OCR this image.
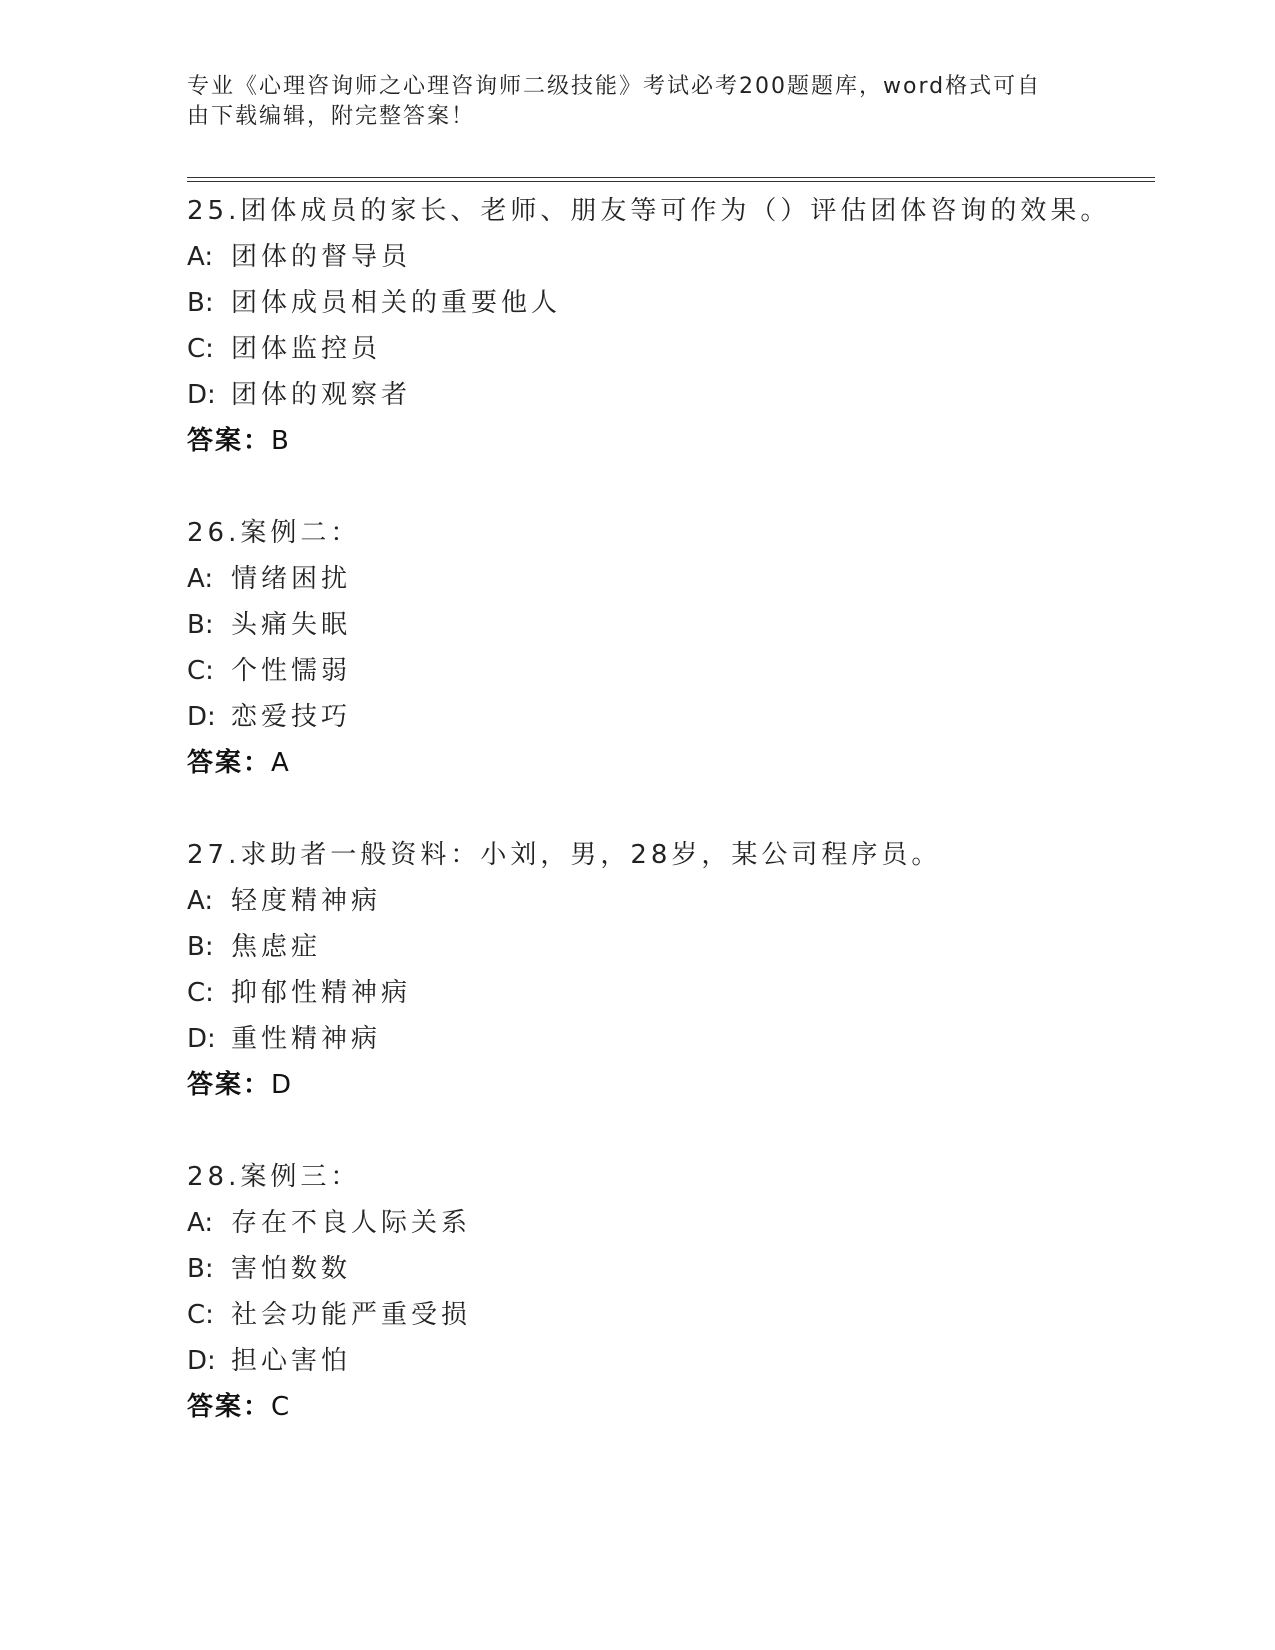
专业《心理咨询师之心理咨询师二级技能》考试必考200题题库，word格式可自
由下载编辑，附完整答案！
25.团体成员的家长、老师、朋友等可作为（）评估团体咨询的效果。
A: 团体的督导员
B: 团体成员相关的重要他人
C: 团体监控员
D: 团体的观察者
答案：B
26.案例二：
A: 情绪困扰
B: 头痛失眠
C: 个性懦弱
D: 恋爱技巧
答案：A
27.求助者一般资料：小刘，男，28岁，某公司程序员。
A: 轻度精神病
B: 焦虑症
C: 抑郁性精神病
D: 重性精神病
答案：D
28.案例三：
A: 存在不良人际关系
B: 害怕数数
C: 社会功能严重受损
D: 担心害怕
答案：C
